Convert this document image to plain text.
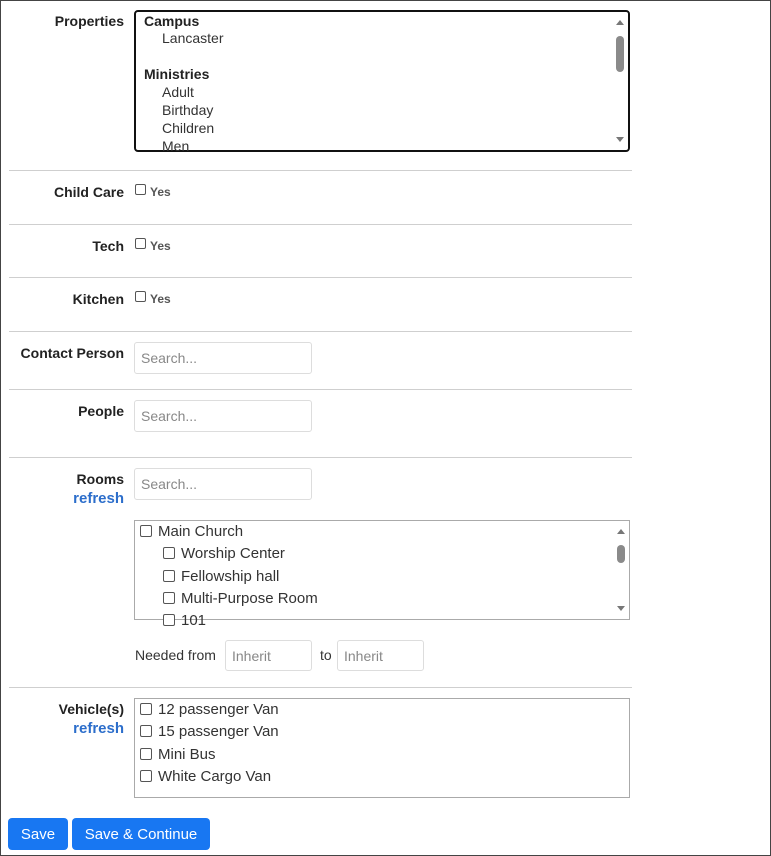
Properties Campus
Lancaster
Ministries
Adult
Birthday
Children
Men
Child Care Yes
Tech Yes
Kitchen Yes
Contact Person
Search...
People
Search...
Rooms
refresh
Search...
Main Church
Worship Center
Fellowship hall
Multi-Purpose Room
101
Needed from
Inherit	to
Inherit
Vehicle(s)
refresh
12 passenger Van
15 passenger Van
Mini Bus
White Cargo Van
Save	Save & Continue
